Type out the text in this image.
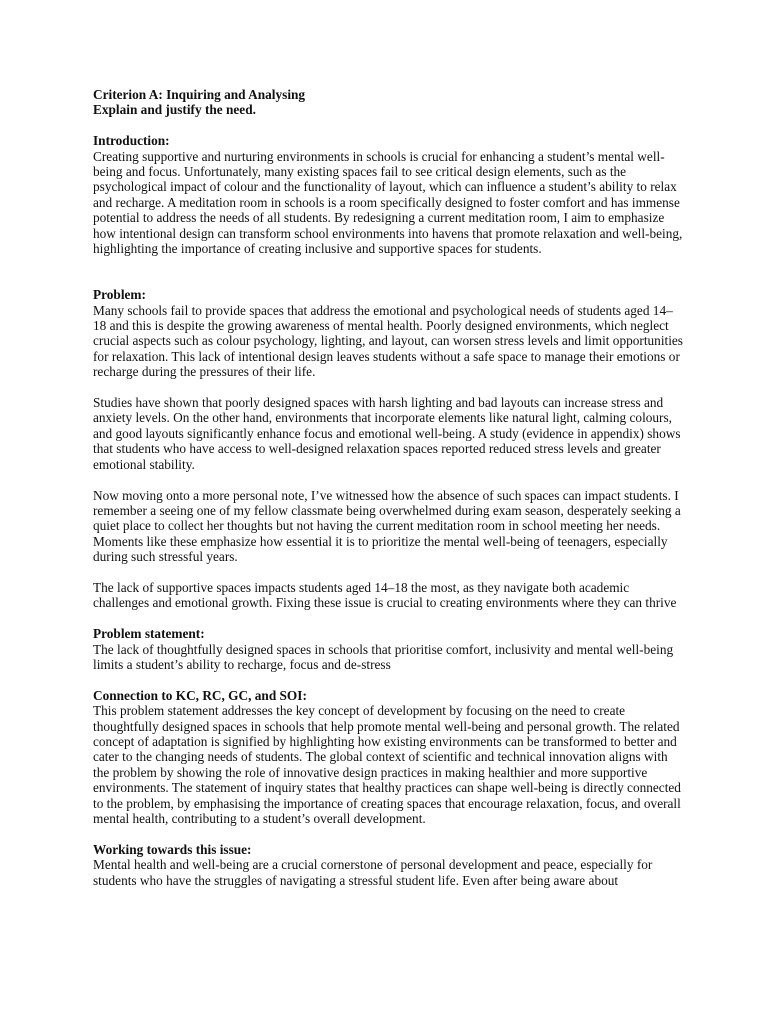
Criterion A: Inquiring and Analysing

Explain and justify the need.

Introduction:

Creating supportive and nurturing environments in schools is crucial for enhancing a student’s mental well-being and focus. Unfortunately, many existing spaces fail to see critical design elements, such as the psychological impact of colour and the functionality of layout, which can influence a student’s ability to relax and recharge. A meditation room in schools is a room specifically designed to foster comfort and has immense potential to address the needs of all students. By redesigning a current meditation room, I aim to emphasize how intentional design can transform school environments into havens that promote relaxation and well-being, highlighting the importance of creating inclusive and supportive spaces for students.

Problem:

Many schools fail to provide spaces that address the emotional and psychological needs of students aged 14–18 and this is despite the growing awareness of mental health. Poorly designed environments, which neglect crucial aspects such as colour psychology, lighting, and layout, can worsen stress levels and limit opportunities for relaxation. This lack of intentional design leaves students without a safe space to manage their emotions or recharge during the pressures of their life.

Studies have shown that poorly designed spaces with harsh lighting and bad layouts can increase stress and anxiety levels. On the other hand, environments that incorporate elements like natural light, calming colours, and good layouts significantly enhance focus and emotional well-being. A study (evidence in appendix) shows that students who have access to well-designed relaxation spaces reported reduced stress levels and greater emotional stability.

Now moving onto a more personal note, I’ve witnessed how the absence of such spaces can impact students. I remember a seeing one of my fellow classmate being overwhelmed during exam season, desperately seeking a quiet place to collect her thoughts but not having the current meditation room in school meeting her needs. Moments like these emphasize how essential it is to prioritize the mental well-being of teenagers, especially during such stressful years.

The lack of supportive spaces impacts students aged 14–18 the most, as they navigate both academic challenges and emotional growth. Fixing these issue is crucial to creating environments where they can thrive

Problem statement:

The lack of thoughtfully designed spaces in schools that prioritise comfort, inclusivity and mental well-being limits a student’s ability to recharge, focus and de-stress

Connection to KC, RC, GC, and SOI:

This problem statement addresses the key concept of development by focusing on the need to create thoughtfully designed spaces in schools that help promote mental well-being and personal growth. The related concept of adaptation is signified by highlighting how existing environments can be transformed to better and cater to the changing needs of students. The global context of scientific and technical innovation aligns with the problem by showing the role of innovative design practices in making healthier and more supportive environments. The statement of inquiry states that healthy practices can shape well-being is directly connected to the problem, by emphasising the importance of creating spaces that encourage relaxation, focus, and overall mental health, contributing to a student’s overall development.

Working towards this issue:

Mental health and well-being are a crucial cornerstone of personal development and peace, especially for students who have the struggles of navigating a stressful student life. Even after being aware about
